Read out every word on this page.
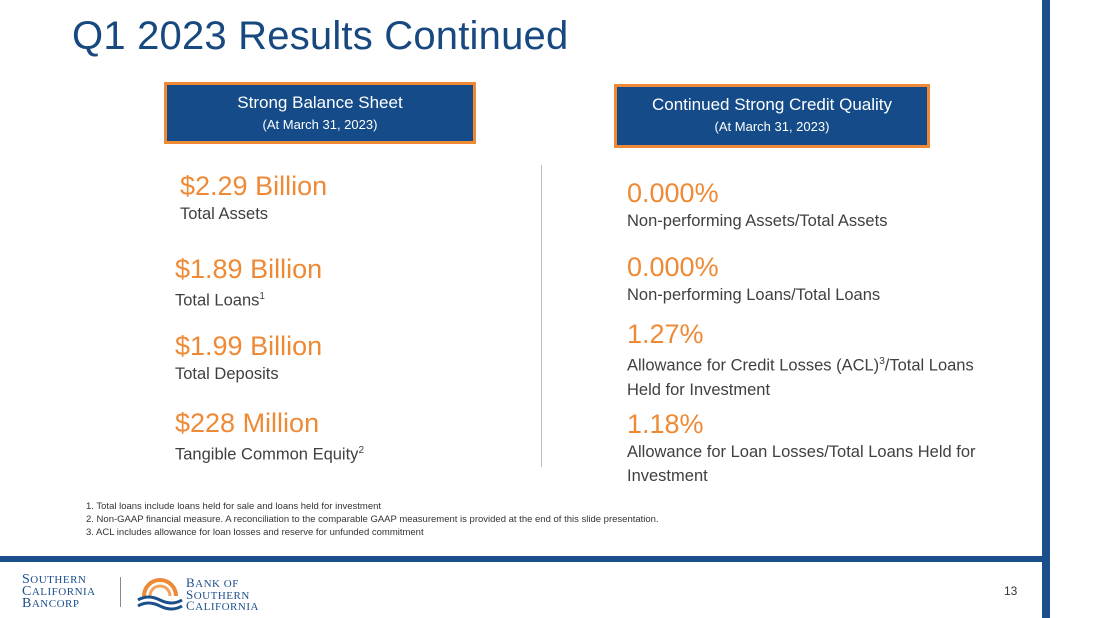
Q1 2023 Results Continued
Strong Balance Sheet
(At March 31, 2023)
Continued Strong Credit Quality
(At March 31, 2023)
$2.29 Billion
Total Assets
$1.89 Billion
Total Loans$^1$
$1.99 Billion
Total Deposits
$228 Million
Tangible Common Equity$^2$
0.000%
Non-performing Assets/Total Assets
0.000%
Non-performing Loans/Total Loans
1.27%
Allowance for Credit Losses (ACL)$^3$/Total Loans
Held for Investment
1.18%
Allowance for Loan Losses/Total Loans Held for
Investment
1. Total loans include loans held for sale and loans held for investment
2. Non-GAAP financial measure. A reconciliation to the comparable GAAP measurement is provided at the end of this slide presentation.
3. ACL includes allowance for loan losses and reserve for unfunded commitment
SOUTHERN
CALIFORNIA
BANCORP
BANK OF
SOUTHERN
CALIFORNIA
13
